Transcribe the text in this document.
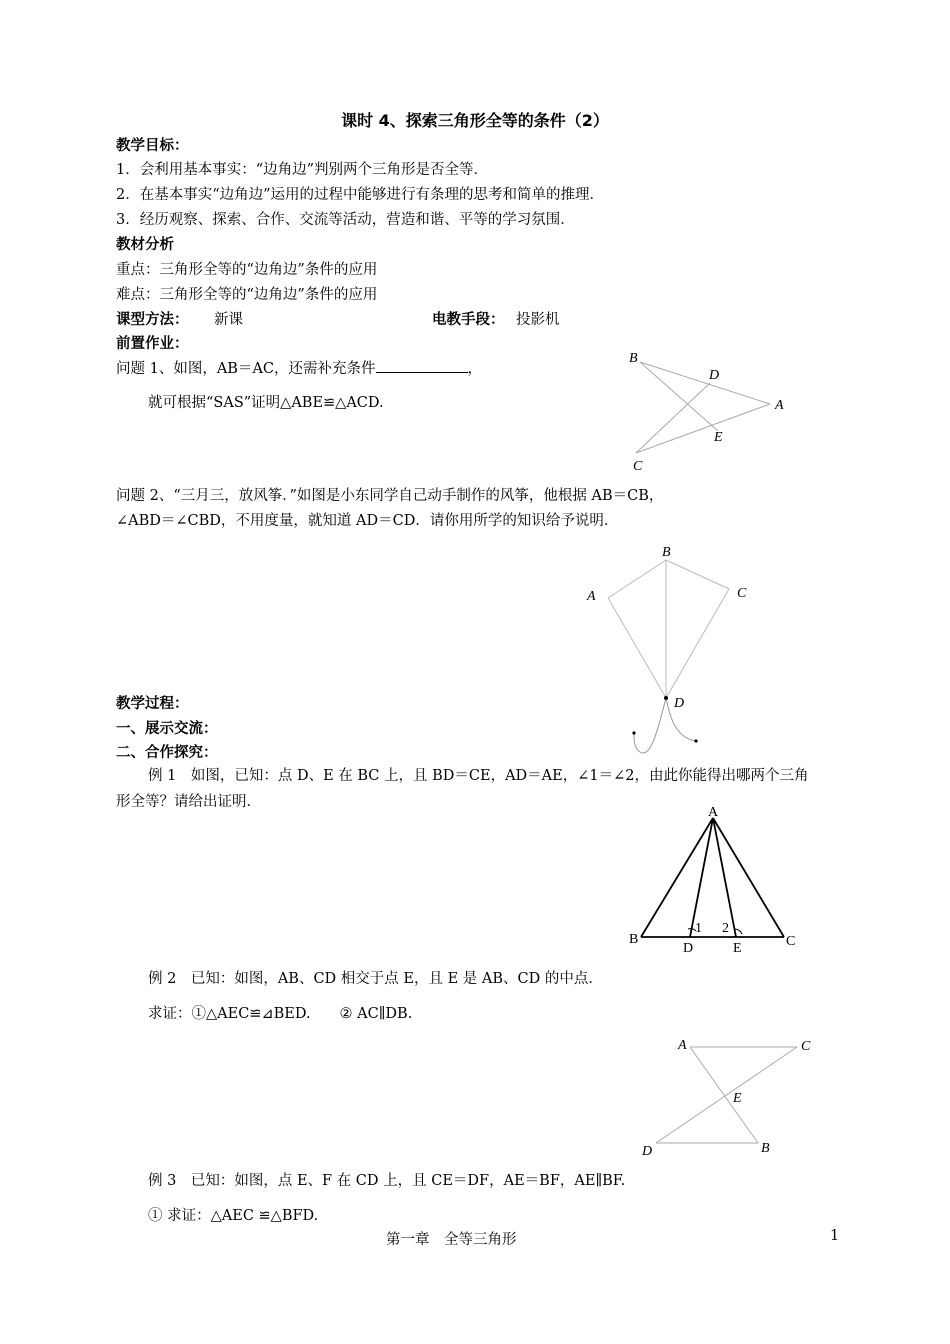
课时 4、探索三角形全等的条件（2）
教学目标：
1．会利用基本事实：“边角边”判别两个三角形是否全等．
2．在基本事实“边角边”运用的过程中能够进行有条理的思考和简单的推理．
3．经历观察、探索、合作、交流等活动，营造和谐、平等的学习氛围．
教材分析
重点：三角形全等的“边角边”条件的应用
难点：三角形全等的“边角边”条件的应用
课型方法： 新课	电教手段： 投影机
前置作业：
问题 1、如图，AB＝AC，还需补充条件	，
就可根据“SAS”证明△ABE≌△ACD.
B
D
A
E
C
问题 2、“三月三，放风筝．”如图是小东同学自己动手制作的风筝，他根据 AB＝CB，
∠ABD＝∠CBD，不用度量，就知道 AD＝CD．请你用所学的知识给予说明．
B
A	C
D
教学过程：
一、展示交流：
二、合作探究：
例 1　如图，已知：点 D、E 在 BC 上，且 BD＝CE，AD＝AE，∠1＝∠2，由此你能得出哪两个三角
形全等？请给出证明．
A
B	C
D	E
1 2
例 2　已知：如图，AB、CD 相交于点 E，且 E 是 AB、CD 的中点．
求证：①△AEC≌⊿BED.　　② AC∥DB.
A	C
E
D	B
例 3　已知：如图，点 E、F 在 CD 上，且 CE＝DF，AE＝BF，AE∥BF.
① 求证：△AEC ≌△BFD.
第一章　全等三角形	1
